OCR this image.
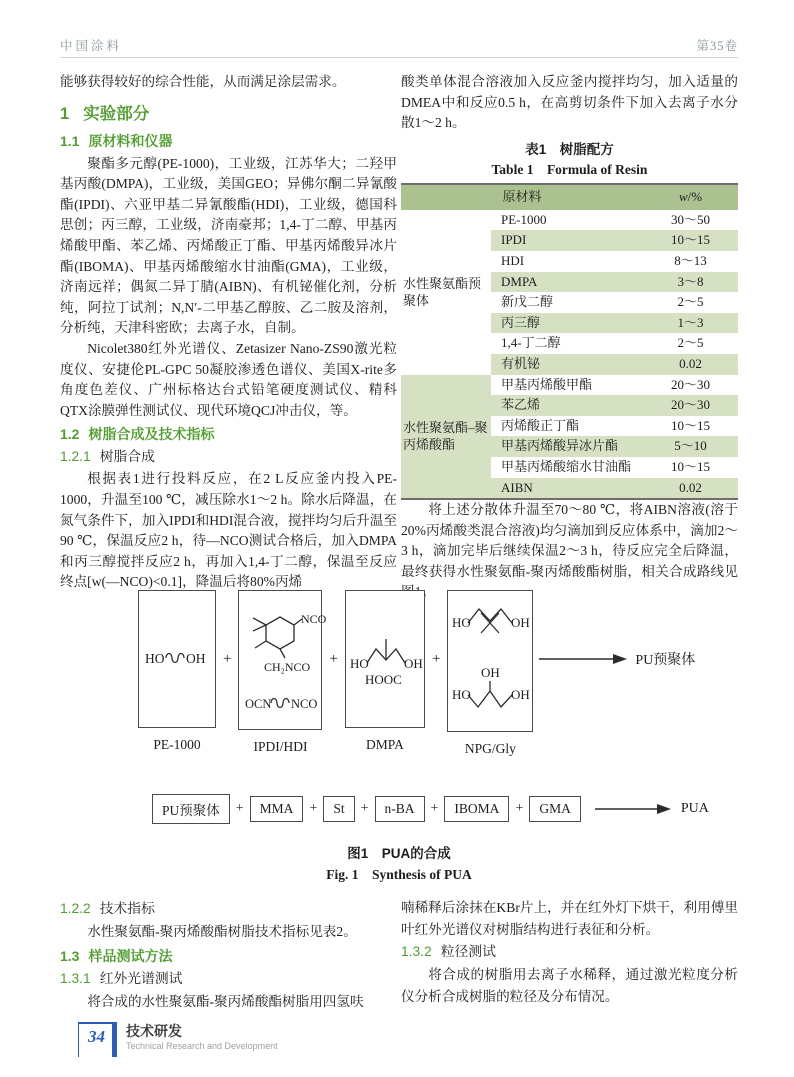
中国涂料	第35卷

能够获得较好的综合性能，从而满足涂层需求。

1 实验部分
1.1 原材料和仪器

聚酯多元醇(PE-1000)，工业级，江苏华大；二羟甲基丙酸(DMPA)，工业级，美国GEO；异佛尔酮二异氰酸酯(IPDI)、六亚甲基二异氰酸酯(HDI)，工业级，德国科思创；丙三醇，工业级，济南豪邦；1,4-丁二醇、甲基丙烯酸甲酯、苯乙烯、丙烯酸正丁酯、甲基丙烯酸异冰片酯(IBOMA)、甲基丙烯酸缩水甘油酯(GMA)，工业级，济南远祥；偶氮二异丁腈(AIBN)、有机铋催化剂，分析纯，阿拉丁试剂；N,N′-二甲基乙醇胺、乙二胺及溶剂，分析纯，天津科密欧；去离子水，自制。

Nicolet380红外光谱仪、Zetasizer Nano-ZS90激光粒度仪、安捷伦PL-GPC 50凝胶渗透色谱仪、美国X-rite多角度色差仪、广州标格达台式铅笔硬度测试仪、精科QTX涂膜弹性测试仪、现代环境QCJ冲击仪，等。

1.2 树脂合成及技术指标
1.2.1 树脂合成

根据表1进行投料反应，在2 L反应釜内投入PE-1000，升温至100 ℃，减压除水1～2 h。除水后降温，在氮气条件下，加入IPDI和HDI混合液，搅拌均匀后升温至90 ℃，保温反应2 h，待—NCO测试合格后，加入DMPA和丙三醇搅拌反应2 h，再加入1,4-丁二醇，保温至反应终点[w(—NCO)<0.1]，降温后将80%丙烯

酸类单体混合溶液加入反应釜内搅拌均匀，加入适量的DMEA中和反应0.5 h，在高剪切条件下加入去离子水分散1～2 h。

表1　树脂配方
Table 1　Formula of Resin
原材料		w/%
水性聚氨酯预聚体	PE-1000	30～50
	IPDI	10～15
	HDI	8～13
	DMPA	3～8
	新戊二醇	2～5
	丙三醇	1～3
	1,4-丁二醇	2～5
	有机铋	0.02
水性聚氨酯–聚丙烯酸酯	甲基丙烯酸甲酯	20～30
	苯乙烯	20～30
	丙烯酸正丁酯	10～15
	甲基丙烯酸异冰片酯	5～10
	甲基丙烯酸缩水甘油酯	10～15
	AIBN	0.02

将上述分散体升温至70～80 ℃，将AIBN溶液(溶于20%丙烯酸类混合溶液)均匀滴加到反应体系中，滴加2～3 h，滴加完毕后继续保温2～3 h，待反应完全后降温，最终获得水性聚氨酯-聚丙烯酸酯树脂，相关合成路线见图1。

HO OH
PE-1000
+
NCO
CH₂NCO
OCN NCO
IPDI/HDI
+ HO	OH
HOOC
DMPA
+
HO	OH
OH
HO	OH
NPG/Gly
PU预聚体
PU预聚体	+	MMA	+	St	+	n-BA	+	IBOMA	+	GMA	PUA
图1　PUA的合成
Fig. 1　Synthesis of PUA
1.2.2 技术指标

水性聚氨酯-聚丙烯酸酯树脂技术指标见表2。

1.3 样品测试方法
1.3.1 红外光谱测试

将合成的水性聚氨酯-聚丙烯酸酯树脂用四氢呋

喃稀释后涂抹在KBr片上，并在红外灯下烘干，利用傅里叶红外光谱仪对树脂结构进行表征和分析。

1.3.2 粒径测试

将合成的树脂用去离子水稀释，通过激光粒度分析仪分析合成树脂的粒径及分布情况。

34	技术研发
Technical Research and Development
